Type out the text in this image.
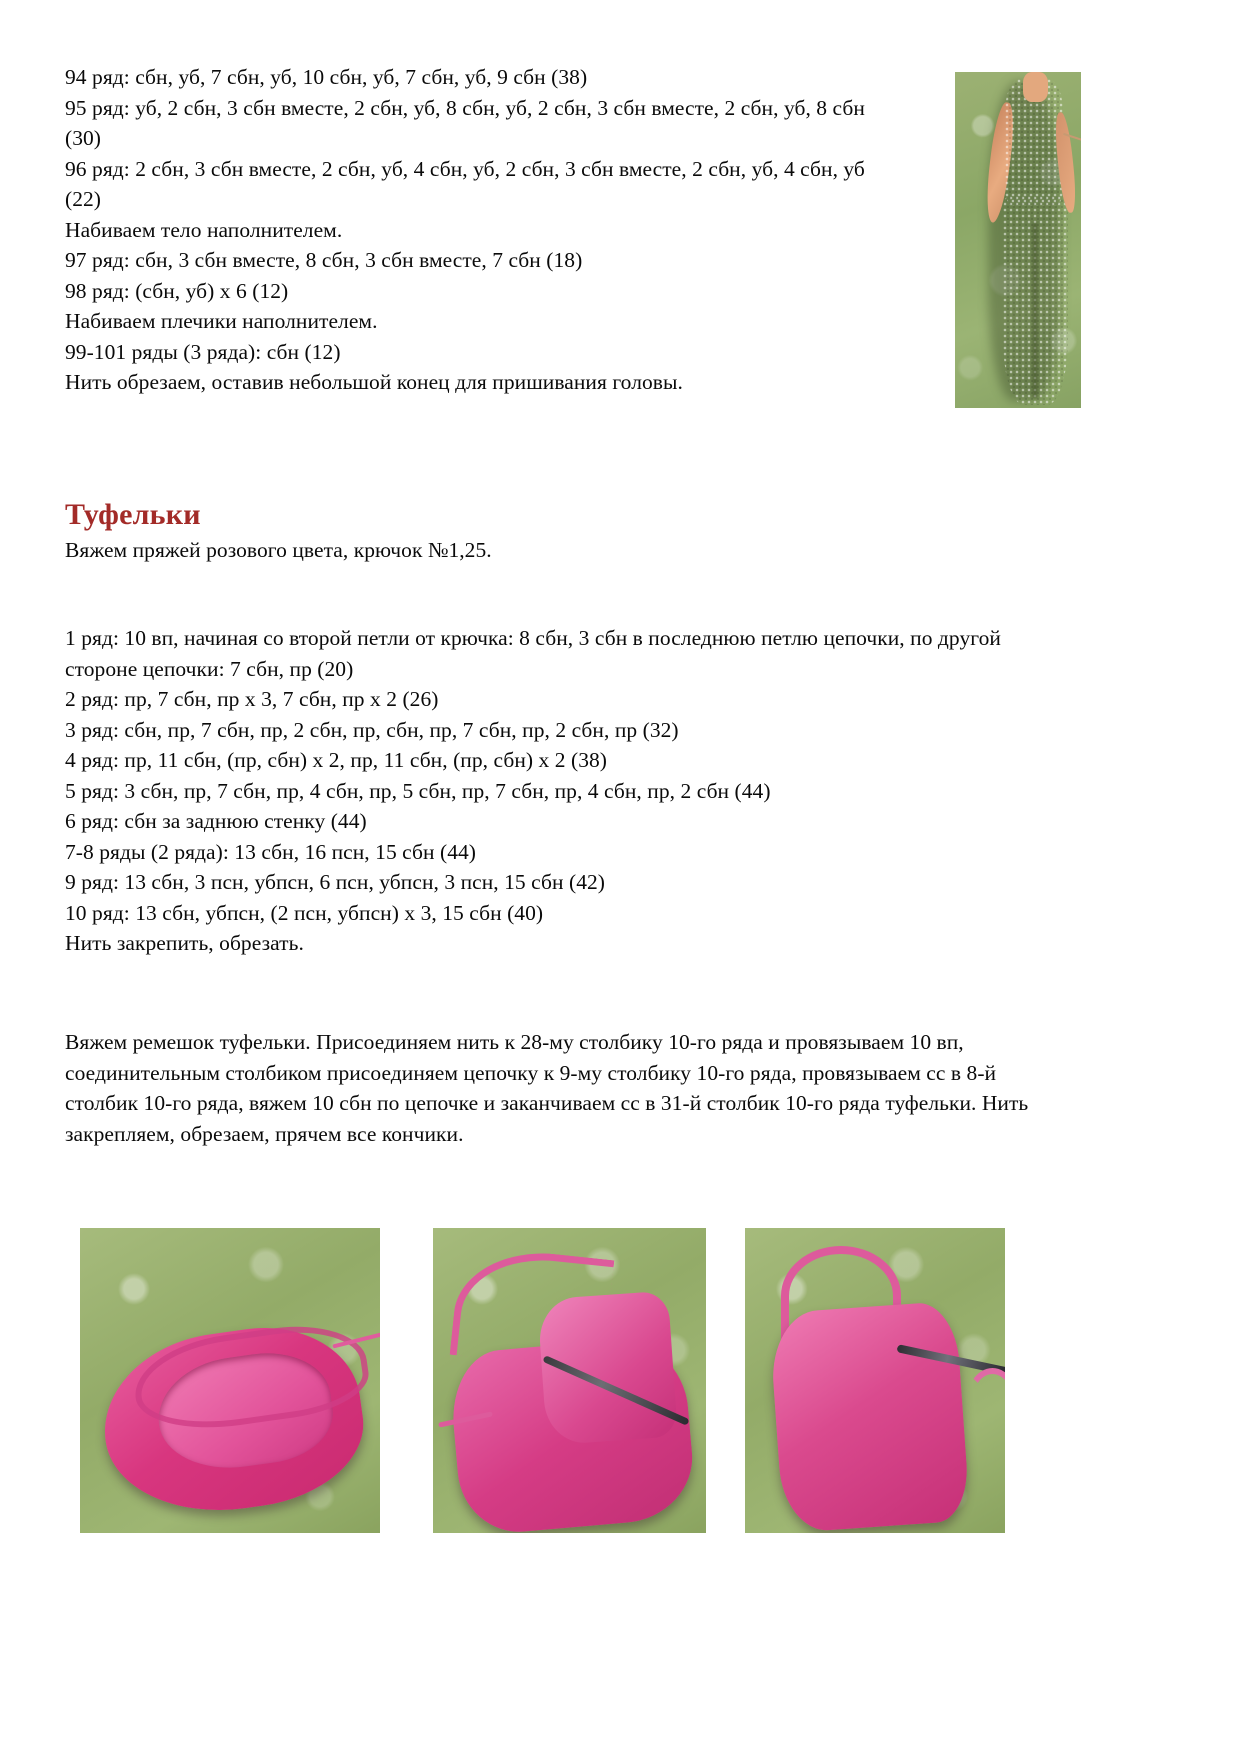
94 ряд: сбн, уб, 7 сбн, уб, 10 сбн, уб, 7 сбн, уб, 9 сбн (38)
95 ряд: уб, 2 сбн, 3 сбн вместе, 2 сбн, уб, 8 сбн, уб, 2 сбн, 3 сбн вместе, 2 сбн, уб, 8 сбн (30)
96 ряд: 2 сбн, 3 сбн вместе, 2 сбн, уб, 4 сбн, уб, 2 сбн, 3 сбн вместе, 2 сбн, уб, 4 сбн, уб (22)
Набиваем тело наполнителем.
97 ряд: сбн, 3 сбн вместе, 8 сбн, 3 сбн вместе, 7 сбн (18)
98 ряд: (сбн, уб) х 6 (12)
Набиваем плечики наполнителем.
99-101 ряды (3 ряда): сбн (12)
Нить обрезаем, оставив небольшой конец для пришивания головы.
Туфельки
Вяжем пряжей розового цвета, крючок №1,25.
1 ряд: 10 вп, начиная со второй петли от крючка: 8 сбн, 3 сбн в последнюю петлю цепочки, по другой стороне цепочки: 7 сбн, пр (20)
2 ряд: пр, 7 сбн, пр х 3, 7 сбн, пр х 2 (26)
3 ряд: сбн, пр, 7 сбн, пр, 2 сбн, пр, сбн, пр, 7 сбн, пр, 2 сбн, пр (32)
4 ряд: пр, 11 сбн, (пр, сбн) х 2, пр, 11 сбн, (пр, сбн) х 2 (38)
5 ряд: 3 сбн, пр, 7 сбн, пр, 4 сбн, пр, 5 сбн, пр, 7 сбн, пр, 4 сбн, пр, 2 сбн (44)
6 ряд: сбн за заднюю стенку (44)
7-8 ряды (2 ряда): 13 сбн, 16 псн, 15 сбн (44)
9 ряд: 13 сбн, 3 псн, убпсн, 6 псн, убпсн, 3 псн, 15 сбн (42)
10 ряд: 13 сбн, убпсн, (2 псн, убпсн) х 3, 15 сбн (40)
Нить закрепить, обрезать.

Вяжем ремешок туфельки. Присоединяем нить к 28-му столбику 10-го ряда и провязываем 10 вп, соединительным столбиком присоединяем цепочку к 9-му столбику 10-го ряда, провязываем сс в 8-й столбик 10-го ряда, вяжем 10 сбн по цепочке и заканчиваем сс в 31-й столбик 10-го ряда туфельки. Нить закрепляем, обрезаем, прячем все кончики.
